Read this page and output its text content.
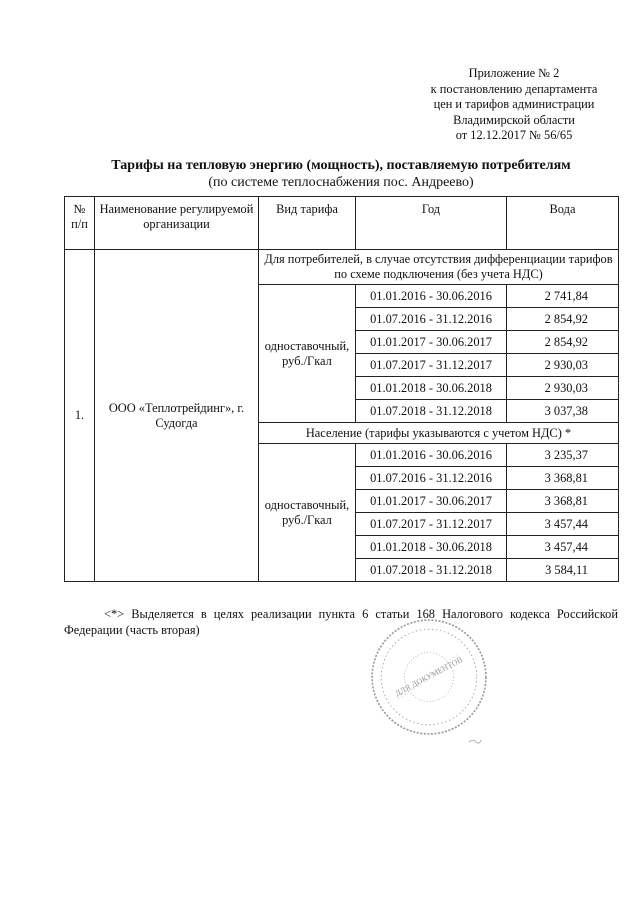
Приложение № 2
к постановлению департамента
цен и тарифов администрации
Владимирской области
от 12.12.2017 № 56/65
Тарифы на тепловую энергию (мощность), поставляемую потребителям
(по системе теплоснабжения пос. Андреево)
№ п/п	Наименование регулируемой организации	Вид тарифа	Год	Вода
1.	ООО «Теплотрейдинг», г. Судогда	Для потребителей, в случае отсутствия дифференциации тарифов по схеме подключения (без учета НДС)		
		одноставочный, руб./Гкал	01.01.2016 - 30.06.2016	2 741,84
			01.07.2016 - 31.12.2016	2 854,92
			01.01.2017 - 30.06.2017	2 854,92
			01.07.2017 - 31.12.2017	2 930,03
			01.01.2018 - 30.06.2018	2 930,03
			01.07.2018 - 31.12.2018	3 037,38
		Население (тарифы указываются с учетом НДС) *		
		одноставочный, руб./Гкал	01.01.2016 - 30.06.2016	3 235,37
			01.07.2016 - 31.12.2016	3 368,81
			01.01.2017 - 30.06.2017	3 368,81
			01.07.2017 - 31.12.2017	3 457,44
			01.01.2018 - 30.06.2018	3 457,44
			01.07.2018 - 31.12.2018	3 584,11
<*> Выделяется в целях реализации пункта 6 статьи 168 Налогового кодекса Российской Федерации (часть вторая)
ДЛЯ ДОКУМЕНТОВ
